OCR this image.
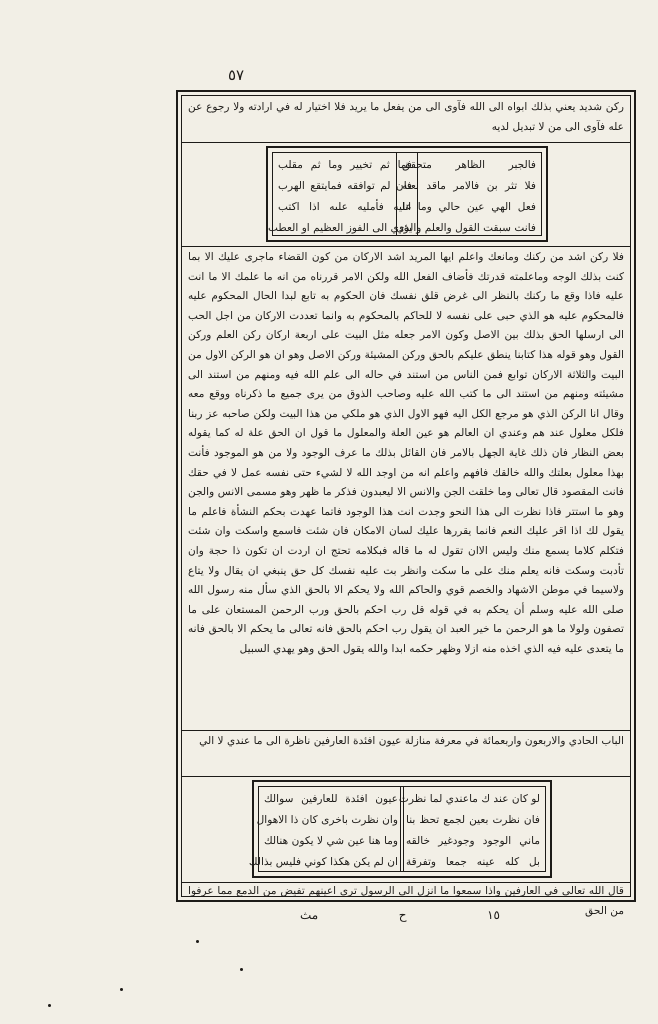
٥٧
ركن شديد يعني بذلك ابواه الى الله فآوى الى من يفعل ما يريد فلا اختيار له في ارادته ولا رجوع عن عله فآوى الى من لا تبديل لديه
فالجبر الظاهر متحقق
فلا تثر بن فالامر ماقد نعته
فعل الهي عين حالي وما انا
فانت سبقت القول والعلم والذي
فما ثم تخيير وما ثم مقلب
فان لم توافقه فمايتقع الهرب
عليه فأمليه علىه اذا اكتب
يؤدي الى الفوز العظيم او العطب
فلا ركن اشد من ركنك ومانعك واعلم ايها المريد اشد الاركان من كون القضاء ماجرى عليك الا بما كنت بذلك الوجه وماعلمته قدرتك فأضاف الفعل الله ولكن الامر قررناه من انه ما علمك الا ما انت عليه فاذا وقع ما ركنك بالنظر الى غرض قلق نفسك فان الحكوم به تابع لبدا الحال المحكوم عليه فالمحكوم عليه هو الذي حبى على نفسه لا للحاكم بالمحكوم به وانما تعددت الاركان من اجل الحب الى ارسلها الحق بذلك بين الاصل وكون الامر جعله مثل البيت على اربعة اركان ركن العلم وركن القول وهو قوله هذا كتابنا ينطق عليكم بالحق وركن المشيئة وركن الاصل وهو ان هو الركن الاول من البيت والثلاثة الاركان توابع فمن الناس من استند في حاله الى علم الله فيه ومنهم من استند الى مشيئته ومنهم من استند الى ما كتب الله عليه وصاحب الذوق من يرى جميع ما ذكرناه ووقع معه وقال انا الركن الذي هو مرجع الكل اليه فهو الاول الذي هو ملكي من هذا البيت ولكن صاحبه عز ربنا فلكل معلول عند هم وعندي ان العالم هو عين العلة والمعلول ما قول ان الحق علة له كما يقوله بعض النظار فان ذلك غاية الجهل بالامر فان القائل بذلك ما عرف الوجود ولا من هو الموجود فأنت بهذا معلول بعلتك والله خالقك فافهم واعلم انه من اوجد الله لا لشيء حتى نفسه عمل لا في حقك فانت المقصود قال تعالى وما خلقت الجن والانس الا ليعبدون فذكر ما ظهر وهو مسمى الانس والجن وهو ما استتر فاذا نظرت الى هذا النحو وجدت انت هذا الوجود فاتما عهدت بحكم النشأة فاعلم ما يقول لك اذا اقر عليك النعم فانما يقررها عليك لسان الامكان فان شئت فاسمع واسكت وان شئت فتكلم كلاما يسمع منك وليس الاان تقول له ما قاله فبكلامه تحتج ان اردت ان تكون ذا حجة وان تأدبت وسكت فانه يعلم منك على ما سكت وانظر بت عليه نفسك كل حق ينبغي ان يقال ولا يتاع ولاسيما في موطن الاشهاد والخصم قوي والحاكم الله ولا يحكم الا بالحق الذي سأل منه رسول الله صلى الله عليه وسلم أن يحكم به في قوله قل رب احكم بالحق ورب الرحمن المستعان على ما تصفون ولولا ما هو الرحمن ما خير العبد ان يقول رب احكم بالحق فانه تعالى ما يحكم الا بالحق فانه ما يتعدى عليه فيه الذي اخذه منه ازلا وظهر حكمه ابدا والله يقول الحق وهو يهدي السبيل
الباب الحادي والاربعون واربعمائة في معرفة منازلة عيون افئدة العارفين ناظرة الى ما عندي لا الي
لو كان عند ك ماعندي لما نظرت
فان نظرت بعين لجمع تحظ بنا
ماني الوجود وجودغير خالقه
بل كله عينه جمعا وتفرقة
عيون افئدة للعارفين سوالك
وان نظرت باخرى كان ذا الاهوال
وما هنا عين شي لا يكون هنالك
ان لم يكن هكذا كوني فليس بذالك
قال الله تعالى في العارفين واذا سمعوا ما انزل الى الرسول ترى اعينهم تفيض من الدمع مما عرفوا من الحق
١٥
ح
مث
